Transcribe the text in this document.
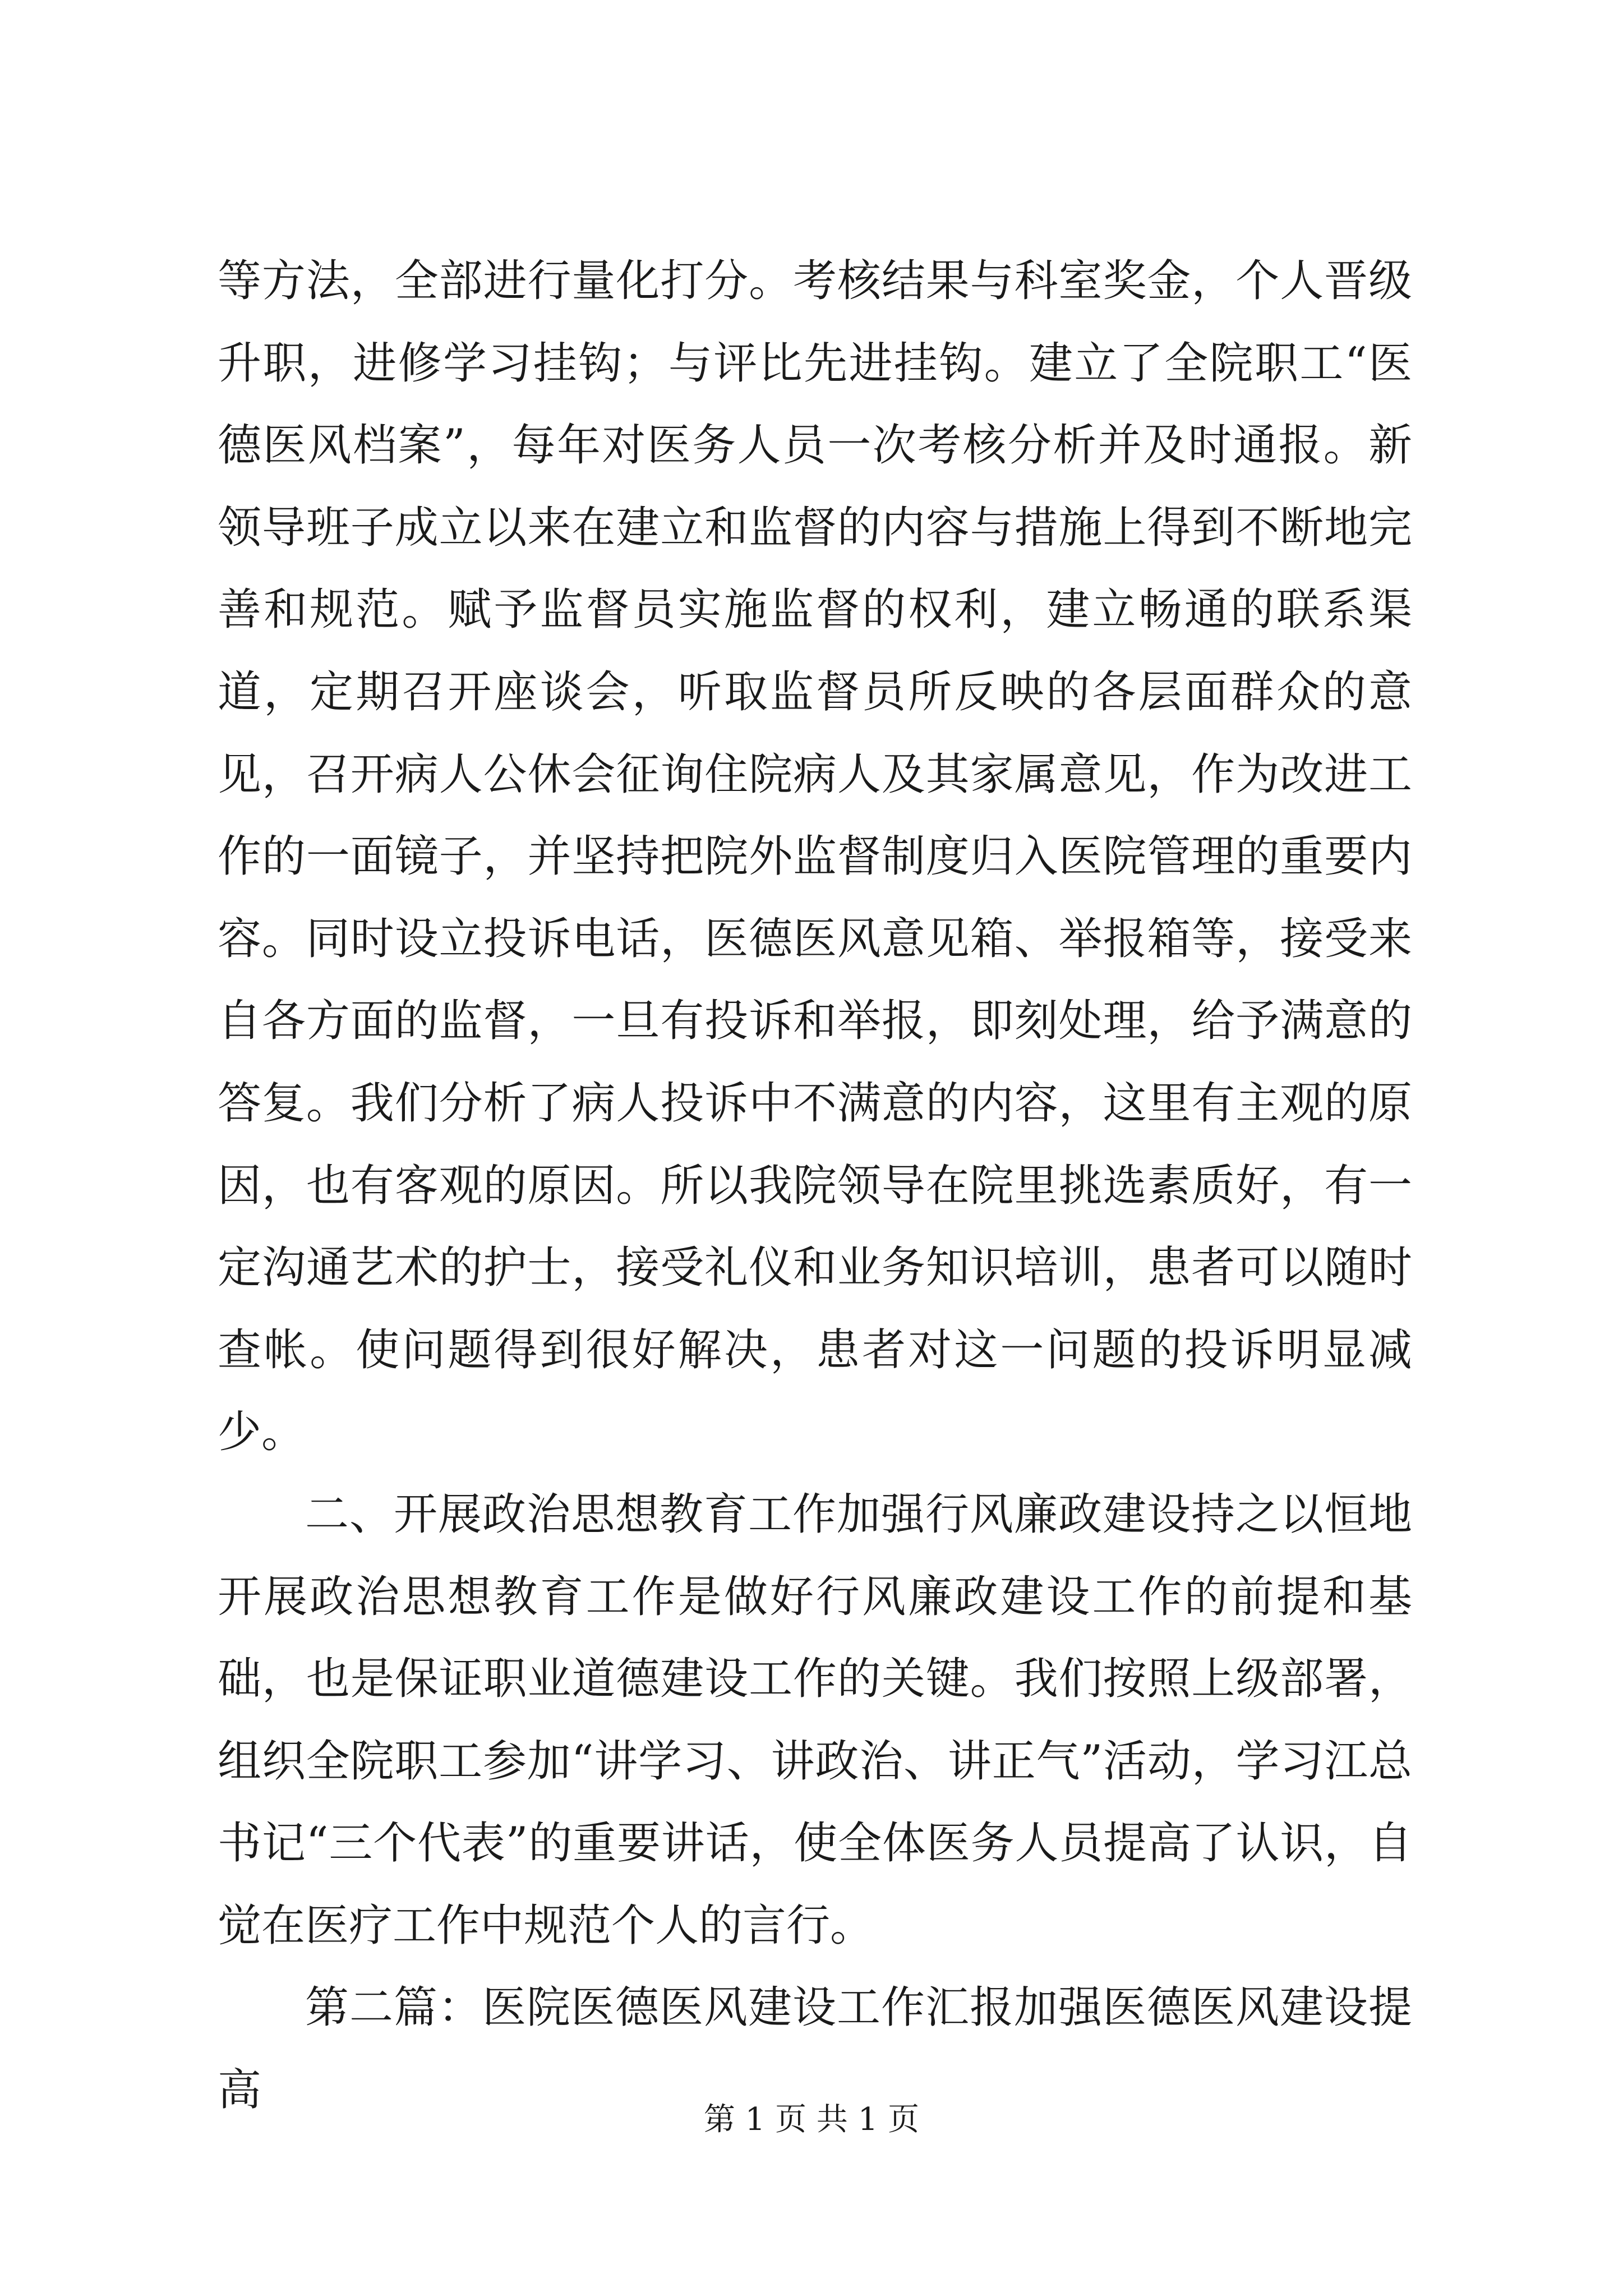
等方法，全部进行量化打分。考核结果与科室奖金，个人晋级升职，进修学习挂钩；与评比先进挂钩。建立了全院职工“医德医风档案”，每年对医务人员一次考核分析并及时通报。新领导班子成立以来在建立和监督的内容与措施上得到不断地完善和规范。赋予监督员实施监督的权利，建立畅通的联系渠道，定期召开座谈会，听取监督员所反映的各层面群众的意见，召开病人公休会征询住院病人及其家属意见，作为改进工作的一面镜子，并坚持把院外监督制度归入医院管理的重要内容。同时设立投诉电话，医德医风意见箱、举报箱等，接受来自各方面的监督，一旦有投诉和举报，即刻处理，给予满意的答复。我们分析了病人投诉中不满意的内容，这里有主观的原因，也有客观的原因。所以我院领导在院里挑选素质好，有一定沟通艺术的护士，接受礼仪和业务知识培训，患者可以随时查帐。使问题得到很好解决，患者对这一问题的投诉明显减少。

二、开展政治思想教育工作加强行风廉政建设持之以恒地开展政治思想教育工作是做好行风廉政建设工作的前提和基础，也是保证职业道德建设工作的关键。我们按照上级部署，组织全院职工参加“讲学习、讲政治、讲正气”活动，学习江总书记“三个代表”的重要讲话，使全体医务人员提高了认识，自觉在医疗工作中规范个人的言行。

第二篇：医院医德医风建设工作汇报加强医德医风建设提高

第 1 页 共 1 页
